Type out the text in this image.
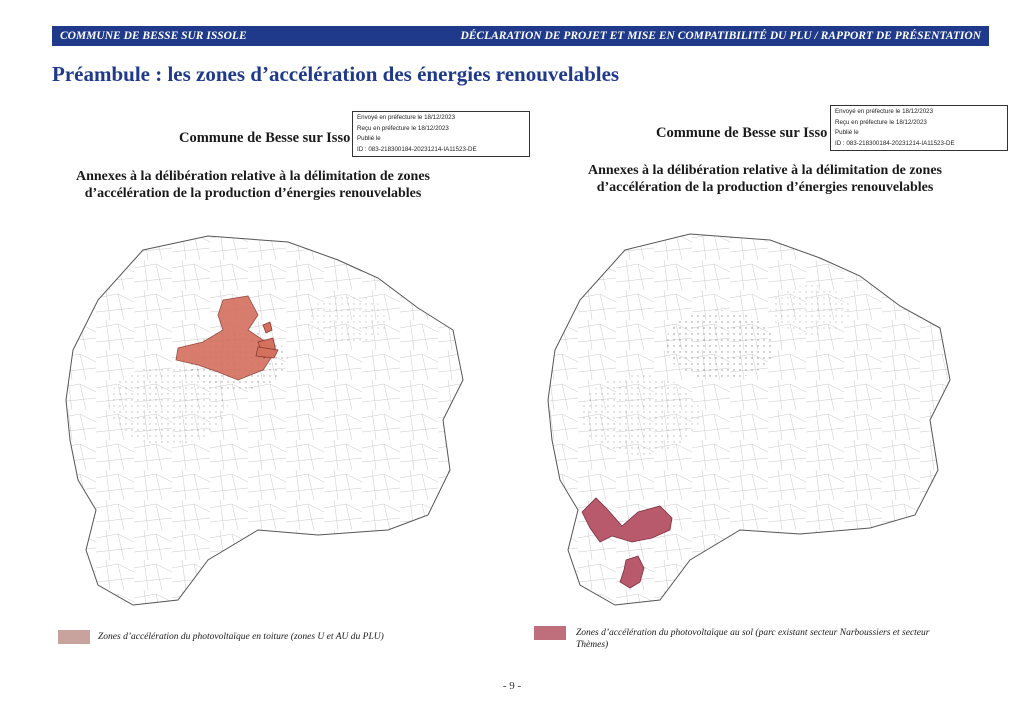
COMMUNE DE BESSE SUR ISSOLE	DÉCLARATION DE PROJET ET MISE EN COMPATIBILITÉ DU PLU / RAPPORT DE PRÉSENTATION
Préambule : les zones d’accélération des énergies renouvelables
Commune de Besse sur Isso
Envoyé en préfecture le 18/12/2023
Reçu en préfecture le 18/12/2023
Publié le
ID : 083-218300184-20231214-IA11523-DE
Annexes à la délibération relative à la délimitation de zones
d’accélération de la production d’énergies renouvelables
Zones d’accélération du photovoltaïque en toiture (zones U et AU du PLU)
Commune de Besse sur Isso
Envoyé en préfecture le 18/12/2023
Reçu en préfecture le 18/12/2023
Publié le
ID : 083-218300184-20231214-IA11523-DE
Annexes à la délibération relative à la délimitation de zones
d’accélération de la production d’énergies renouvelables
Zones d’accélération du photovoltaïque au sol (parc existant secteur Narboussiers et secteur
Thèmes)
- 9 -
